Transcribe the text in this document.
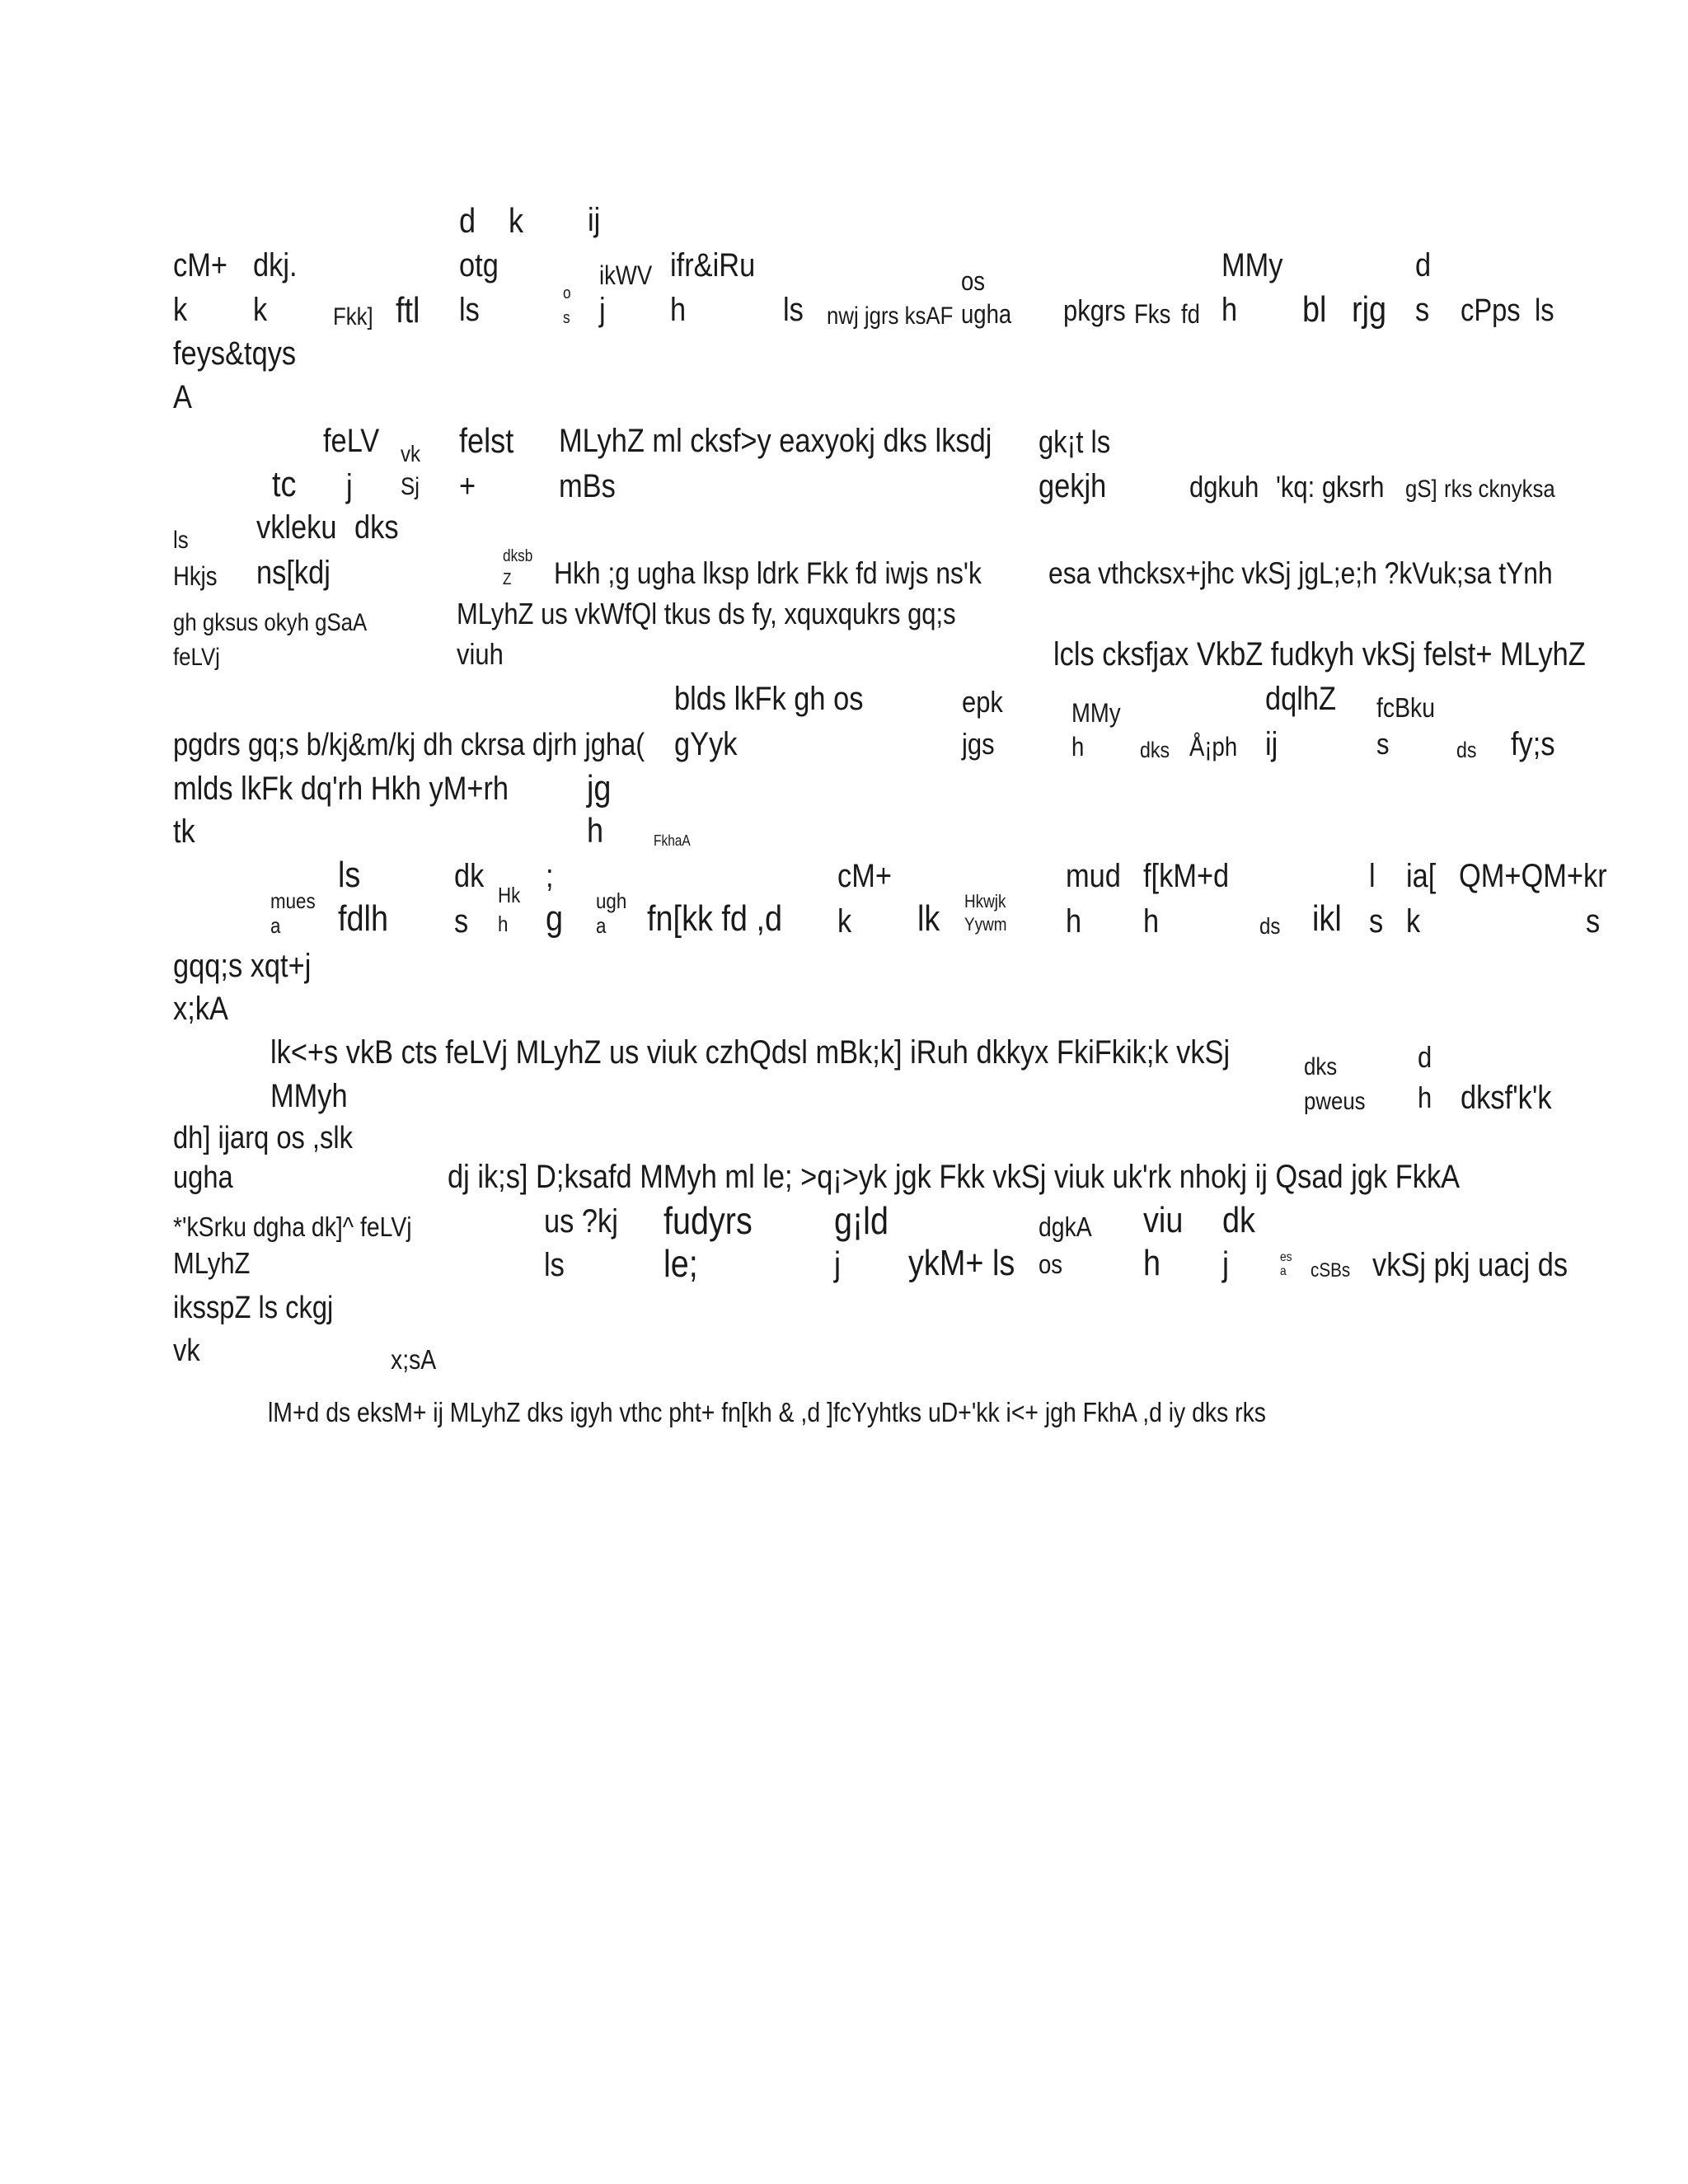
d k ij
cM+ dkj.	otg	ikWV ifr&iRu	os	MMy	d
k k	Fkk] ftl ls	o
s j h	ls nwj jgrs ksAF ugha pkgrs Fks fd h bl rjg s cPps ls
feys&tqys
A
feLV vk felst MLyhZ ml cksf>y eaxyokj dks lksdj gk¡t ls
tc j Sj +	mBs	gekjh	dgkuh 'kq: gksrh gS] rks cknyksa
ls vkleku dks
Hkjs ns[kdj	dksb
Z Hkh ;g ugha lksp ldrk Fkk fd iwjs ns'k esa vthcksx+jhc vkSj jgL;e;h ?kVuk;sa tYnh
gh gksus okyh gSaA	MLyhZ us vkWfQl tkus ds fy, xquxqukrs gq;s
feLVj	viuh	lcls cksfjax VkbZ fudkyh vkSj felst+ MLyhZ
blds lkFk gh os	epk	MMy	dqlhZ fcBku
pgdrs gq;s b/kj&m/kj dh ckrsa djrh jgha( gYyk	jgs	h	dks Å¡ph ij	s	ds fy;s
mlds lkFk dq'rh Hkh yM+rh jg
tk	h	FkhaA
ls	dk ;	cM+	mud f[kM+d	l ia[ QM+QM+kr
mues	Hk	ugh
a fdlh s h g a fn[kk fd ,d k lk Hkwjk
Yywm h h	ds ikl s k	s
gqq;s xqt+j
x;kA
lk<+s vkB cts feLVj MLyhZ us viuk czhQdsl mBk;k] iRuh dkkyx FkiFkik;k vkSj	dks	d
MMyh	pweus h dksf'k'k
dh] ijarq os ,slk
ugha	dj ik;s] D;ksafd MMyh ml le; >q¡>yk jgk Fkk vkSj viuk uk'rk nhokj ij Qsad jgk FkkA
*'kSrku dgha dk]^ feLVj	us ?kj fudyrs g¡ld	dgkA viu dk
MLyhZ	ls	le;	j ykM+ ls os h j	es
a cSBs vkSj pkj uacj ds
iksspZ ls ckgj
vk	x;sA
lM+d ds eksM+ ij MLyhZ dks igyh vthc pht+ fn[kh & ,d ]fcYyhtks uD+'kk i<+ jgh FkhA ,d iy dks rks
